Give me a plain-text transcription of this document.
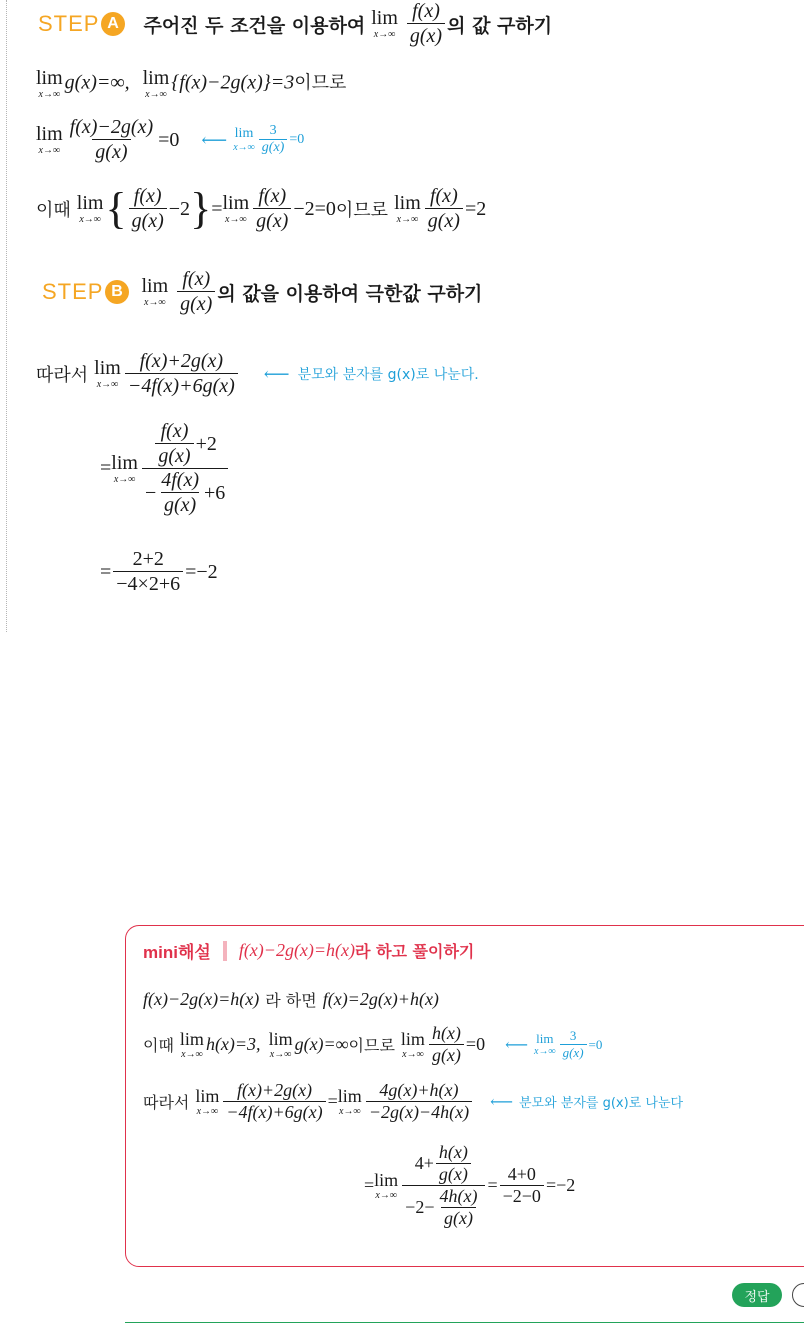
STEP A	주어진 두 조건을 이용하여 lim
x→∞
$\frac{f(x)}{g(x)}$ 의 값 구하기
lim
x→∞
g(x)=∞, lim
x→∞
{f(x)−2g(x)}=3이므로
lim
$x\to\infty \frac{f(x)-2g(x)}{g(x)} =0$ ⟵ lim
$x\to\infty \frac{3}{g(x)} =0$
이때 lim
x→∞ { $\frac{f(x)}{g(x)} -2$ } = lim
$x\to\infty \frac{f(x)}{g(x)} -2=0$ 이므로 lim
$x\to\infty \frac{f(x)}{g(x)} =2$
STEP B lim
x→∞
$\frac{f(x)}{g(x)}$ 의 값을 이용하여 극한값 구하기
따라서 lim
$x\to\infty \frac{f(x)+2g(x)}{-4f(x)+6g(x)}$ ⟵ 분모와 분자를 g(x)로 나눈다.
= lim
$x\to\infty \frac{\frac{f(x)}{g(x)} +2}{- \frac{4f(x)}{g(x)} +6}$
= $\frac{2+2}{-4\times 2+6} =-2$
mini해설 f(x)−2g(x)=h(x) 라 하고 풀이하기
f(x)−2g(x)=h(x) 라 하면 f(x)=2g(x)+h(x)
이때 lim
x→∞ h(x)=3, lim
x→∞ g(x)=∞ 이므로 lim
$x\to\infty \frac{h(x)}{g(x)} =0$ ⟵ lim
$x\to\infty \frac{3}{g(x)} =0$
따라서 lim
$x\to\infty \frac{f(x)+2g(x)}{-4f(x)+6g(x)} = \lim$
$x\to\infty \frac{4g(x)+h(x)}{-2g(x)-4h(x)}$ ⟵ 분모와 분자를 g(x)로 나눈다
= lim
$x\to\infty \frac{4+ \frac{h(x)}{g(x)}}{-2- \frac{4h(x)}{g(x)}} = \frac{4+0}{-2-0} =-2$
정답
